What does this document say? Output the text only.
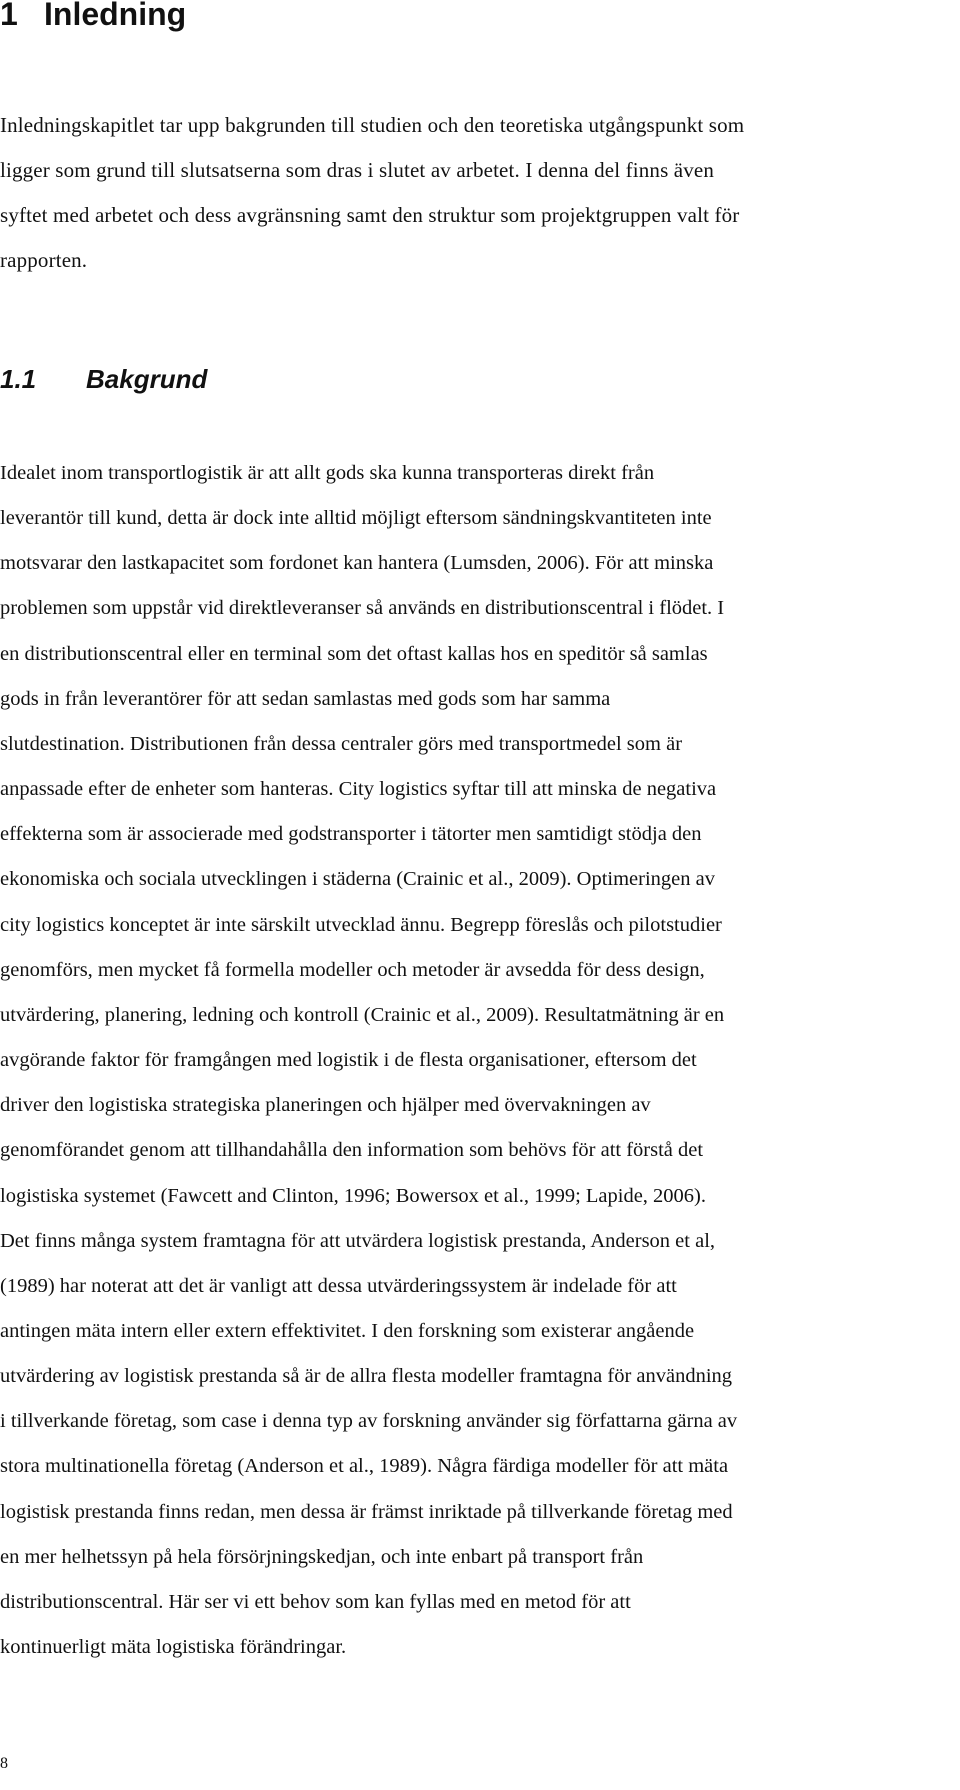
1 Inledning

Inledningskapitlet tar upp bakgrunden till studien och den teoretiska utgångspunkt som
ligger som grund till slutsatserna som dras i slutet av arbetet. I denna del finns även
syftet med arbetet och dess avgränsning samt den struktur som projektgruppen valt för
rapporten.

1.1 Bakgrund

Idealet inom transportlogistik är att allt gods ska kunna transporteras direkt från
leverantör till kund, detta är dock inte alltid möjligt eftersom sändningskvantiteten inte
motsvarar den lastkapacitet som fordonet kan hantera (Lumsden, 2006). För att minska
problemen som uppstår vid direktleveranser så används en distributionscentral i flödet. I
en distributionscentral eller en terminal som det oftast kallas hos en speditör så samlas
gods in från leverantörer för att sedan samlastas med gods som har samma
slutdestination. Distributionen från dessa centraler görs med transportmedel som är
anpassade efter de enheter som hanteras. City logistics syftar till att minska de negativa
effekterna som är associerade med godstransporter i tätorter men samtidigt stödja den
ekonomiska och sociala utvecklingen i städerna (Crainic et al., 2009). Optimeringen av
city logistics konceptet är inte särskilt utvecklad ännu. Begrepp föreslås och pilotstudier
genomförs, men mycket få formella modeller och metoder är avsedda för dess design,
utvärdering, planering, ledning och kontroll (Crainic et al., 2009). Resultatmätning är en
avgörande faktor för framgången med logistik i de flesta organisationer, eftersom det
driver den logistiska strategiska planeringen och hjälper med övervakningen av
genomförandet genom att tillhandahålla den information som behövs för att förstå det
logistiska systemet (Fawcett and Clinton, 1996; Bowersox et al., 1999; Lapide, 2006).
Det finns många system framtagna för att utvärdera logistisk prestanda, Anderson et al,
(1989) har noterat att det är vanligt att dessa utvärderingssystem är indelade för att
antingen mäta intern eller extern effektivitet. I den forskning som existerar angående
utvärdering av logistisk prestanda så är de allra flesta modeller framtagna för användning
i tillverkande företag, som case i denna typ av forskning använder sig författarna gärna av
stora multinationella företag (Anderson et al., 1989). Några färdiga modeller för att mäta
logistisk prestanda finns redan, men dessa är främst inriktade på tillverkande företag med
en mer helhetssyn på hela försörjningskedjan, och inte enbart på transport från
distributionscentral. Här ser vi ett behov som kan fyllas med en metod för att
kontinuerligt mäta logistiska förändringar.

8
